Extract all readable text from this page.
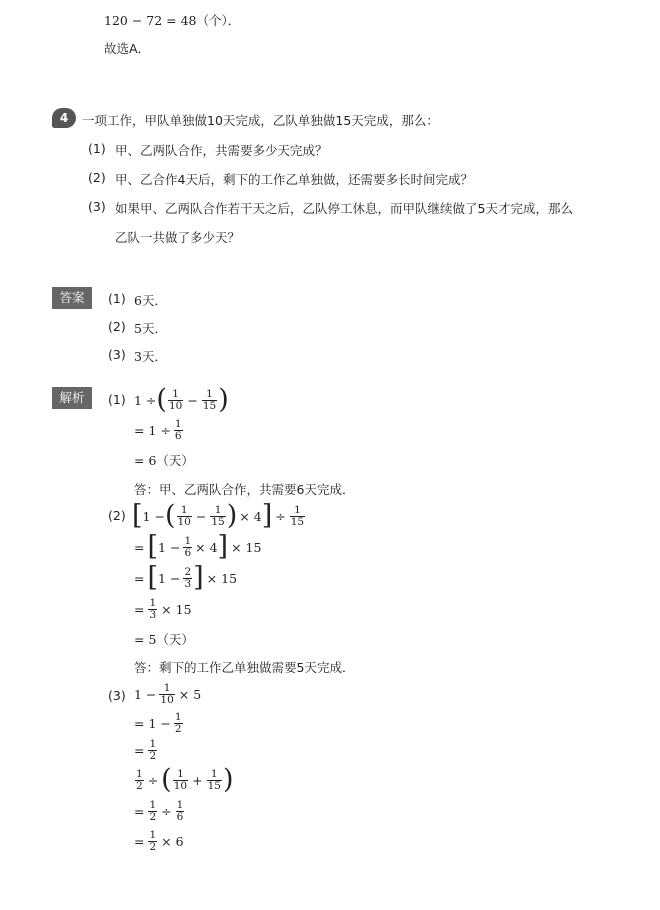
120 − 72 = 48（个）．
故选A．
4	一项工作，甲队单独做10天完成，乙队单独做15天完成，那么：
(1) 甲、乙两队合作，共需要多少天完成？
(2) 甲、乙合作4天后，剩下的工作乙单独做，还需要多长时间完成？
(3) 如果甲、乙两队合作若干天之后，乙队停工休息，而甲队继续做了5天才完成，那么
乙队一共做了多少天？
答案	(1) 6天．
(2) 5天．
(3) 3天．
解析	(1) 1 ÷ ( $\frac{1}{10} - \frac{1}{15}$ )
= $1 \div \frac{1}{6}$
= 6（天）
答：甲、乙两队合作，共需要6天完成．
(2) [ 1 − ( $\frac{1}{10} - \frac{1}{15}$ ) × 4 ] ÷ $\frac{1}{15}$
= [ $1 - \frac{1}{6} \times 4$ ] × 15
= [ $1 - \frac{2}{3}$ ] × 15
= $\frac{1}{3} \times 15$
= 5（天）
答：剩下的工作乙单独做需要5天完成．
(3) $1 - \frac{1}{10} \times 5$
= $1 - \frac{1}{2}$
= $\frac{1}{2}$
$\frac{1}{2}$ ÷ ( $\frac{1}{10} + \frac{1}{15}$ )
= $\frac{1}{2} \div \frac{1}{6}$
= $\frac{1}{2} \times 6$
